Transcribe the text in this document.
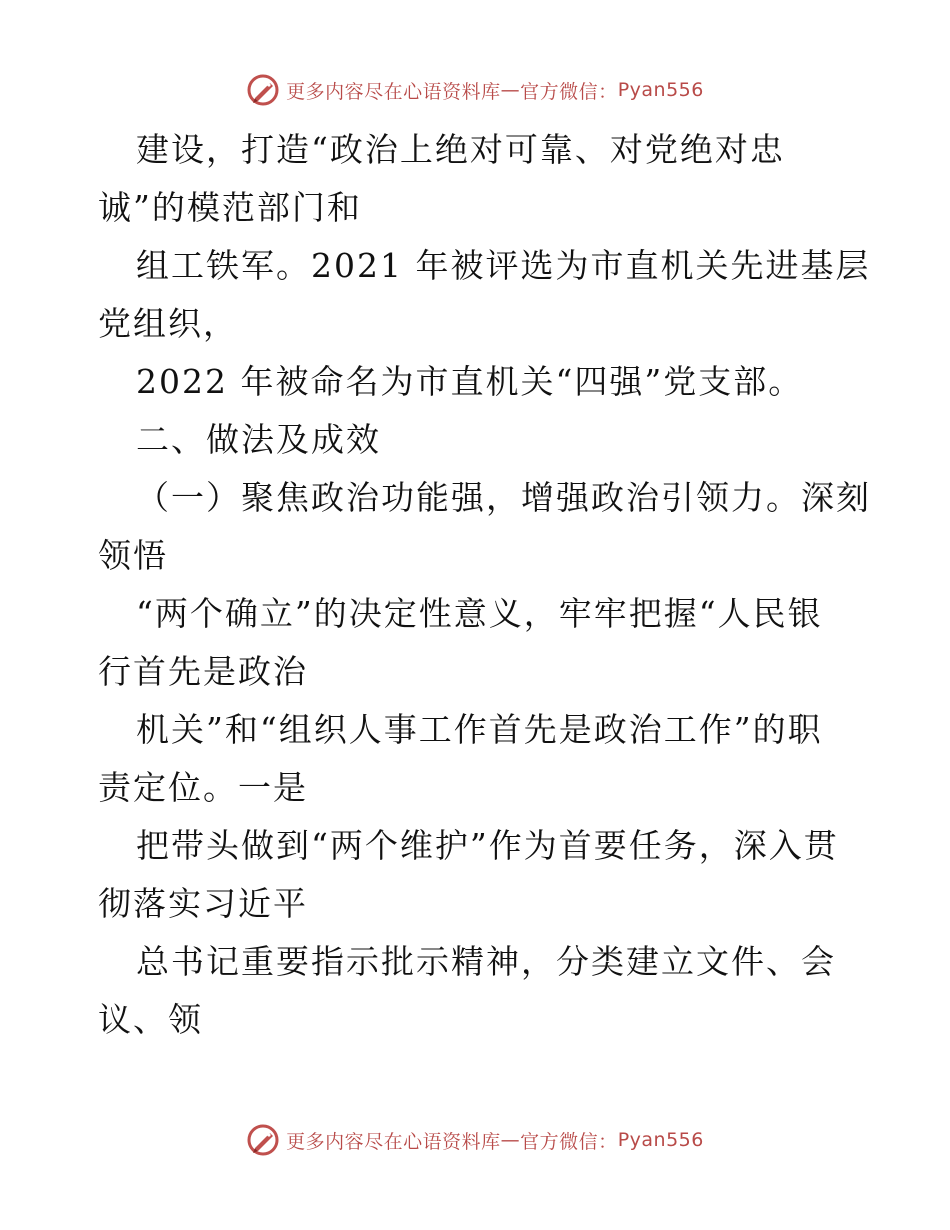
更多内容尽在心语资料库 — 官方微信： Pyan556
建设，打造“政治上绝对可靠、对党绝对忠
诚”的模范部门和
组工铁军。2021 年被评选为市直机关先进基层
党组织，
2022 年被命名为市直机关“四强”党支部。
二、做法及成效
（一）聚焦政治功能强，增强政治引领力。深刻
领悟
“两个确立”的决定性意义，牢牢把握“人民银
行首先是政治
机关”和“组织人事工作首先是政治工作”的职
责定位。一是
把带头做到“两个维护”作为首要任务，深入贯
彻落实习近平
总书记重要指示批示精神，分类建立文件、会
议、领
更多内容尽在心语资料库 — 官方微信： Pyan556
